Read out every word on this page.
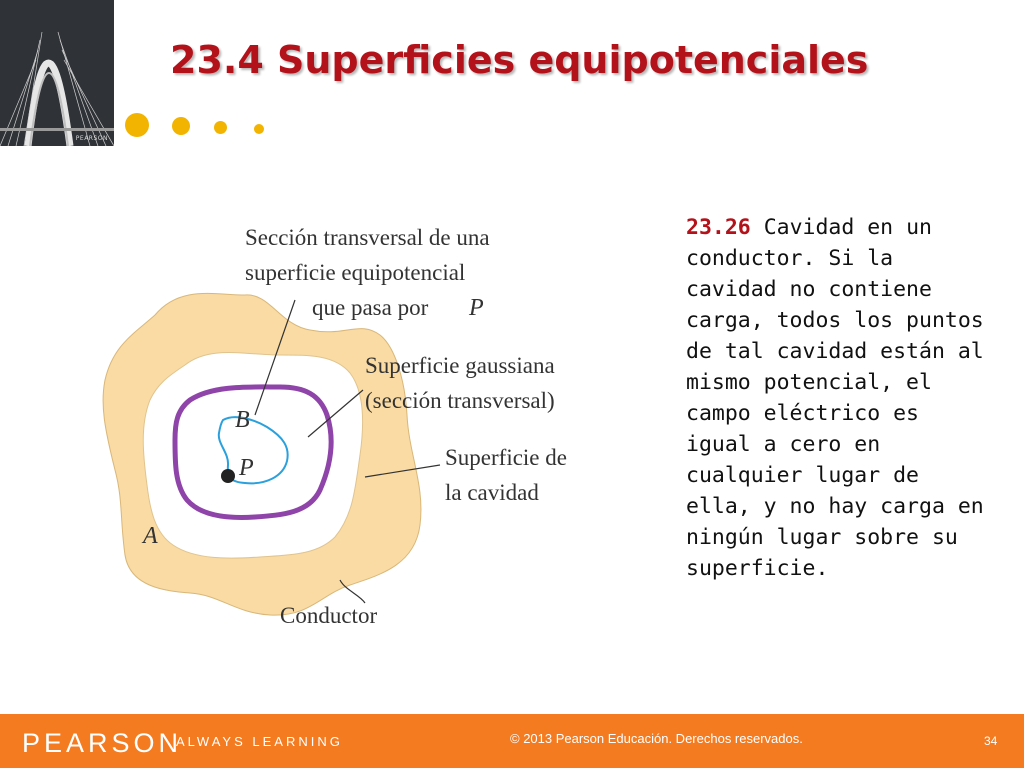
PEARSON
23.4 Superficies equipotenciales
Sección transversal de una
superficie equipotencial
que pasa por P
Superficie gaussiana
(sección transversal)
Superficie de
la cavidad
Conductor
B
P
A

23.26 Cavidad en un conductor. Si la cavidad no contiene carga, todos los puntos de tal cavidad están al mismo potencial, el campo eléctrico es igual a cero en cualquier lugar de ella, y no hay carga en ningún lugar sobre su superficie.

PEARSON
ALWAYS LEARNING	© 2013 Pearson Educación. Derechos reservados.	34
